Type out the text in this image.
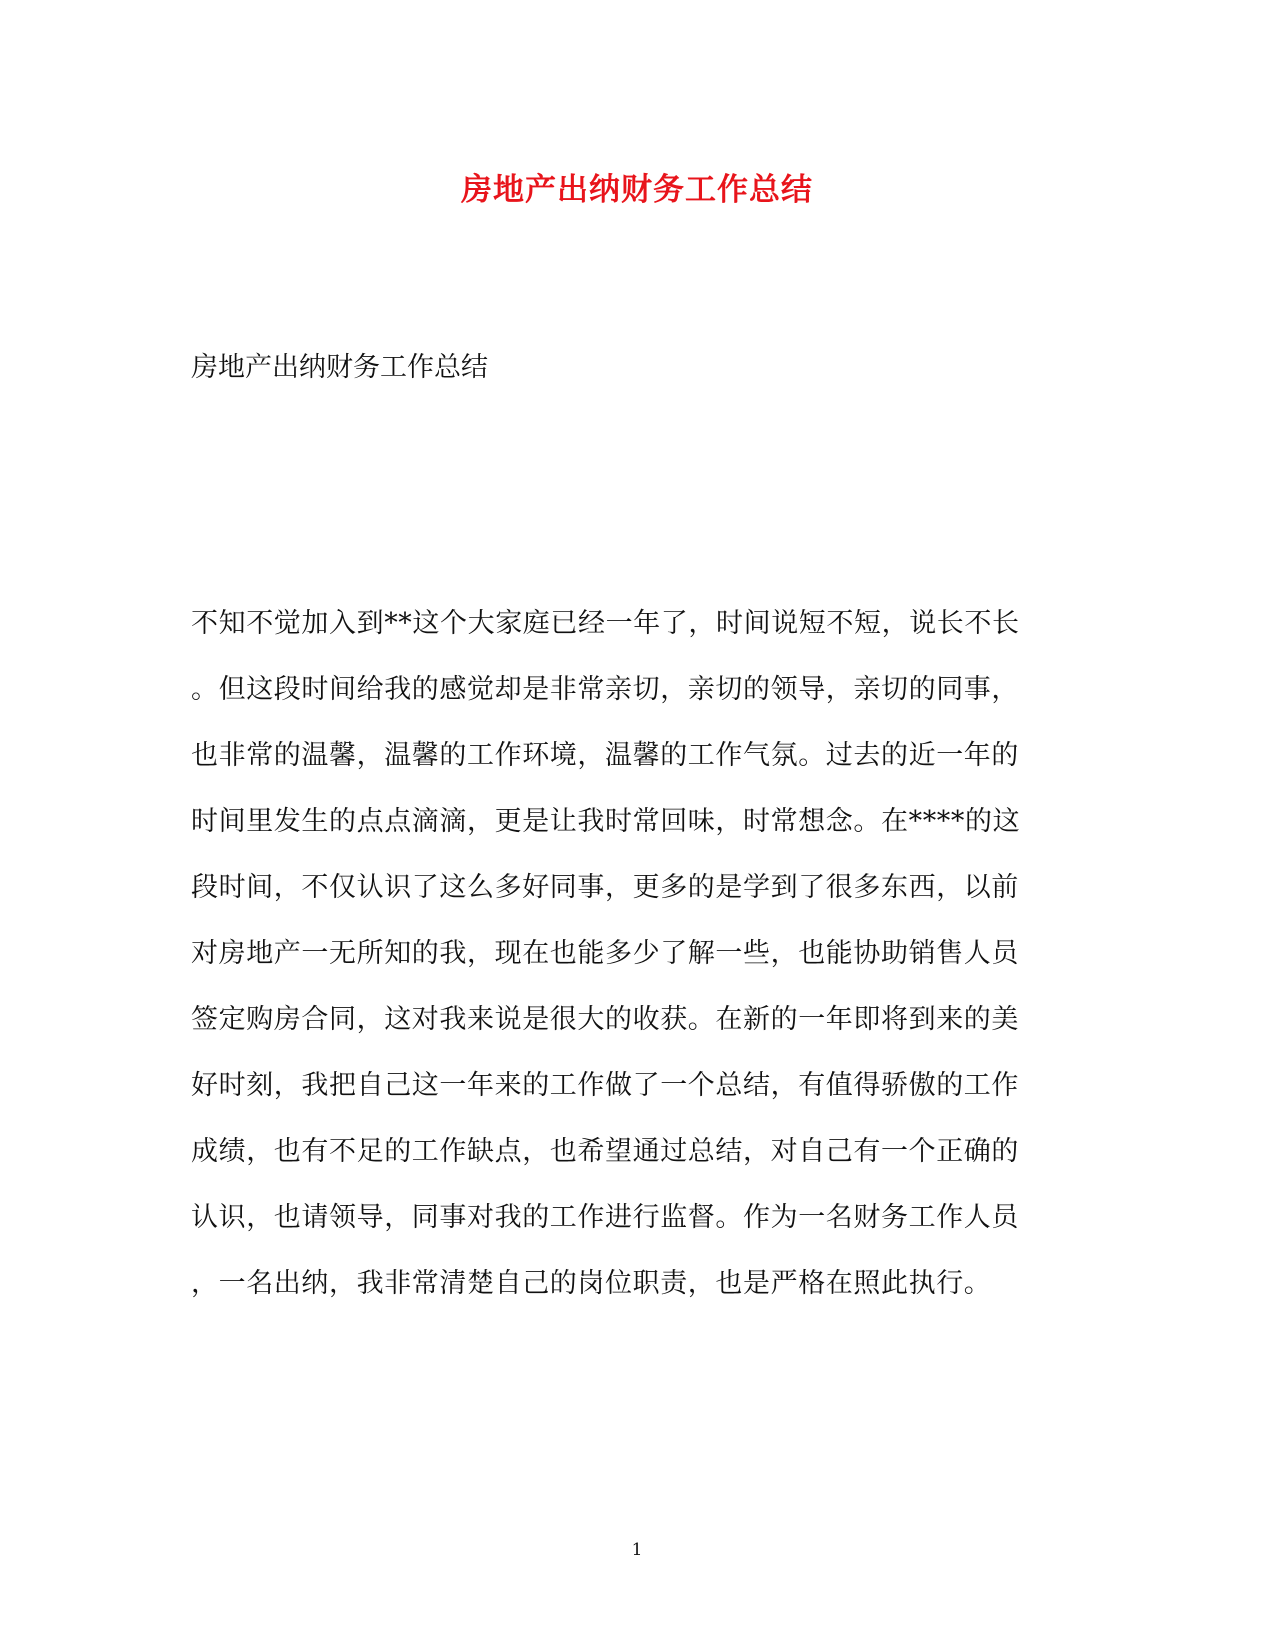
房地产出纳财务工作总结

房地产出纳财务工作总结

不知不觉加入到**这个大家庭已经一年了，时间说短不短，说长不长
。但这段时间给我的感觉却是非常亲切，亲切的领导，亲切的同事，
也非常的温馨，温馨的工作环境，温馨的工作气氛。过去的近一年的
时间里发生的点点滴滴，更是让我时常回味，时常想念。在****的这
段时间，不仅认识了这么多好同事，更多的是学到了很多东西，以前
对房地产一无所知的我，现在也能多少了解一些，也能协助销售人员
签定购房合同，这对我来说是很大的收获。在新的一年即将到来的美
好时刻，我把自己这一年来的工作做了一个总结，有值得骄傲的工作
成绩，也有不足的工作缺点，也希望通过总结，对自己有一个正确的
认识，也请领导，同事对我的工作进行监督。作为一名财务工作人员
，一名出纳，我非常清楚自己的岗位职责，也是严格在照此执行。
1
